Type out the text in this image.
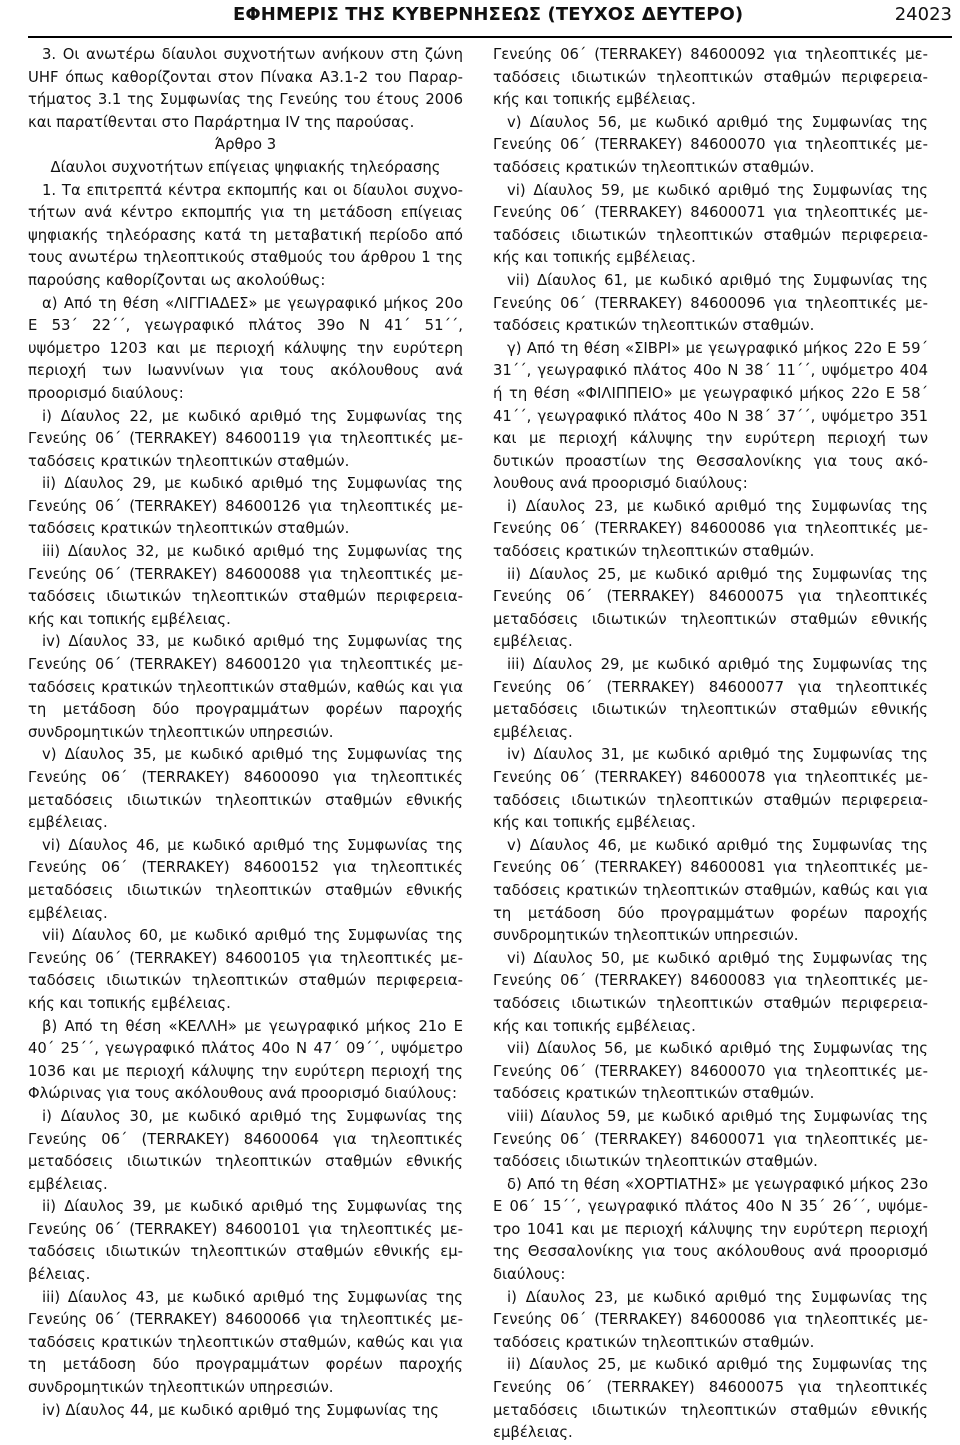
ΕΦΗΜΕΡΙΣ ΤΗΣ ΚΥΒΕΡΝΗΣΕΩΣ (ΤΕΥΧΟΣ ΔΕΥΤΕΡΟ)	24023

3. Οι ανωτέρω δίαυλοι συχνοτήτων ανήκουν στη ζώνη UHF όπως καθορίζονται στον Πίνακα Α3.1‐2 του Παραρ‐τήματος 3.1 της Συμφωνίας της Γενεύης του έτους 2006 και παρατίθενται στο Παράρτημα IV της παρούσας.

Άρθρο 3

Δίαυλοι συχνοτήτων επίγειας ψηφιακής τηλεόρασης

1. Τα επιτρεπτά κέντρα εκπομπής και οι δίαυλοι συχνο‐τήτων ανά κέντρο εκπομπής για τη μετάδοση επίγειας ψηφιακής τηλεόρασης κατά τη μεταβατική περίοδο από τους ανωτέρω τηλεοπτικούς σταθμούς του άρθρου 1 της παρούσης καθορίζονται ως ακολούθως:

α) Από τη θέση «ΛΙΓΓΙΑΔΕΣ» με γεωγραφικό μήκος 20ο Ε 53΄ 22΄΄, γεωγραφικό πλάτος 39ο Ν 41΄ 51΄΄, υψόμετρο 1203 και με περιοχή κάλυψης την ευρύτερη περιοχή των Ιωαννίνων για τους ακόλουθους ανά προορισμό διαύλους:

i) Δίαυλος 22, με κωδικό αριθμό της Συμφωνίας της Γενεύης 06΄ (TERRAKEY) 84600119 για τηλεοπτικές με‐ταδόσεις κρατικών τηλεοπτικών σταθμών.

ii) Δίαυλος 29, με κωδικό αριθμό της Συμφωνίας της Γενεύης 06΄ (TERRAKEY) 84600126 για τηλεοπτικές με‐ταδόσεις κρατικών τηλεοπτικών σταθμών.

iii) Δίαυλος 32, με κωδικό αριθμό της Συμφωνίας της Γενεύης 06΄ (TERRAKEY) 84600088 για τηλεοπτικές με‐ταδόσεις ιδιωτικών τηλεοπτικών σταθμών περιφερεια‐κής και τοπικής εμβέλειας.

iv) Δίαυλος 33, με κωδικό αριθμό της Συμφωνίας της Γενεύης 06΄ (TERRAKEY) 84600120 για τηλεοπτικές με‐ταδόσεις κρατικών τηλεοπτικών σταθμών, καθώς και για τη μετάδοση δύο προγραμμάτων φορέων παροχής συνδρομητικών τηλεοπτικών υπηρεσιών.

v) Δίαυλος 35, με κωδικό αριθμό της Συμφωνίας της Γενεύης 06΄ (TERRAKEY) 84600090 για τηλεοπτικές μεταδόσεις ιδιωτικών τηλεοπτικών σταθμών εθνικής εμβέλειας.

vi) Δίαυλος 46, με κωδικό αριθμό της Συμφωνίας της Γενεύης 06΄ (TERRAKEY) 84600152 για τηλεοπτικές μεταδόσεις ιδιωτικών τηλεοπτικών σταθμών εθνικής εμβέλειας.

vii) Δίαυλος 60, με κωδικό αριθμό της Συμφωνίας της Γενεύης 06΄ (TERRAKEY) 84600105 για τηλεοπτικές με‐ταδόσεις ιδιωτικών τηλεοπτικών σταθμών περιφερεια‐κής και τοπικής εμβέλειας.

β) Από τη θέση «ΚΕΛΛΗ» με γεωγραφικό μήκος 21ο Ε 40΄ 25΄΄, γεωγραφικό πλάτος 40ο Ν 47΄ 09΄΄, υψόμετρο 1036 και με περιοχή κάλυψης την ευρύτερη περιοχή της Φλώρινας για τους ακόλουθους ανά προορισμό διαύλους:

i) Δίαυλος 30, με κωδικό αριθμό της Συμφωνίας της Γενεύης 06΄ (TERRAKEY) 84600064 για τηλεοπτικές μεταδόσεις ιδιωτικών τηλεοπτικών σταθμών εθνικής εμβέλειας.

ii) Δίαυλος 39, με κωδικό αριθμό της Συμφωνίας της Γενεύης 06΄ (TERRAKEY) 84600101 για τηλεοπτικές με‐ταδόσεις ιδιωτικών τηλεοπτικών σταθμών εθνικής εμ‐βέλειας.

iii) Δίαυλος 43, με κωδικό αριθμό της Συμφωνίας της Γενεύης 06΄ (TERRAKEY) 84600066 για τηλεοπτικές με‐ταδόσεις κρατικών τηλεοπτικών σταθμών, καθώς και για τη μετάδοση δύο προγραμμάτων φορέων παροχής συνδρομητικών τηλεοπτικών υπηρεσιών.

iv) Δίαυλος 44, με κωδικό αριθμό της Συμφωνίας της

Γενεύης 06΄ (TERRAKEY) 84600092 για τηλεοπτικές με‐ταδόσεις ιδιωτικών τηλεοπτικών σταθμών περιφερεια‐κής και τοπικής εμβέλειας.

v) Δίαυλος 56, με κωδικό αριθμό της Συμφωνίας της Γενεύης 06΄ (TERRAKEY) 84600070 για τηλεοπτικές με‐ταδόσεις κρατικών τηλεοπτικών σταθμών.

vi) Δίαυλος 59, με κωδικό αριθμό της Συμφωνίας της Γενεύης 06΄ (TERRAKEY) 84600071 για τηλεοπτικές με‐ταδόσεις ιδιωτικών τηλεοπτικών σταθμών περιφερεια‐κής και τοπικής εμβέλειας.

vii) Δίαυλος 61, με κωδικό αριθμό της Συμφωνίας της Γενεύης 06΄ (TERRAKEY) 84600096 για τηλεοπτικές με‐ταδόσεις κρατικών τηλεοπτικών σταθμών.

γ) Από τη θέση «ΣΙΒΡΙ» με γεωγραφικό μήκος 22ο Ε 59΄ 31΄΄, γεωγραφικό πλάτος 40ο Ν 38΄ 11΄΄, υψόμετρο 404 ή τη θέση «ΦΙΛΙΠΠΕΙΟ» με γεωγραφικό μήκος 22ο Ε 58΄ 41΄΄, γεωγραφικό πλάτος 40ο Ν 38΄ 37΄΄, υψόμετρο 351 και με περιοχή κάλυψης την ευρύτερη περιοχή των δυτικών προαστίων της Θεσσαλονίκης για τους ακό‐λουθους ανά προορισμό διαύλους:

i) Δίαυλος 23, με κωδικό αριθμό της Συμφωνίας της Γενεύης 06΄ (TERRAKEY) 84600086 για τηλεοπτικές με‐ταδόσεις κρατικών τηλεοπτικών σταθμών.

ii) Δίαυλος 25, με κωδικό αριθμό της Συμφωνίας της Γενεύης 06΄ (TERRAKEY) 84600075 για τηλεοπτικές μεταδόσεις ιδιωτικών τηλεοπτικών σταθμών εθνικής εμβέλειας.

iii) Δίαυλος 29, με κωδικό αριθμό της Συμφωνίας της Γενεύης 06΄ (TERRAKEY) 84600077 για τηλεοπτικές μεταδόσεις ιδιωτικών τηλεοπτικών σταθμών εθνικής εμβέλειας.

iv) Δίαυλος 31, με κωδικό αριθμό της Συμφωνίας της Γενεύης 06΄ (TERRAKEY) 84600078 για τηλεοπτικές με‐ταδόσεις ιδιωτικών τηλεοπτικών σταθμών περιφερεια‐κής και τοπικής εμβέλειας.

v) Δίαυλος 46, με κωδικό αριθμό της Συμφωνίας της Γενεύης 06΄ (TERRAKEY) 84600081 για τηλεοπτικές με‐ταδόσεις κρατικών τηλεοπτικών σταθμών, καθώς και για τη μετάδοση δύο προγραμμάτων φορέων παροχής συνδρομητικών τηλεοπτικών υπηρεσιών.

vi) Δίαυλος 50, με κωδικό αριθμό της Συμφωνίας της Γενεύης 06΄ (TERRAKEY) 84600083 για τηλεοπτικές με‐ταδόσεις ιδιωτικών τηλεοπτικών σταθμών περιφερεια‐κής και τοπικής εμβέλειας.

vii) Δίαυλος 56, με κωδικό αριθμό της Συμφωνίας της Γενεύης 06΄ (TERRAKEY) 84600070 για τηλεοπτικές με‐ταδόσεις κρατικών τηλεοπτικών σταθμών.

viii) Δίαυλος 59, με κωδικό αριθμό της Συμφωνίας της Γενεύης 06΄ (TERRAKEY) 84600071 για τηλεοπτικές με‐ταδόσεις ιδιωτικών τηλεοπτικών σταθμών.

δ) Από τη θέση «ΧΟΡΤΙΑΤΗΣ» με γεωγραφικό μήκος 23ο Ε 06΄ 15΄΄, γεωγραφικό πλάτος 40ο Ν 35΄ 26΄΄, υψόμε‐τρο 1041 και με περιοχή κάλυψης την ευρύτερη περιοχή της Θεσσαλονίκης για τους ακόλουθους ανά προορισμό διαύλους:

i) Δίαυλος 23, με κωδικό αριθμό της Συμφωνίας της Γενεύης 06΄ (TERRAKEY) 84600086 για τηλεοπτικές με‐ταδόσεις κρατικών τηλεοπτικών σταθμών.

ii) Δίαυλος 25, με κωδικό αριθμό της Συμφωνίας της Γενεύης 06΄ (TERRAKEY) 84600075 για τηλεοπτικές μεταδόσεις ιδιωτικών τηλεοπτικών σταθμών εθνικής εμβέλειας.
